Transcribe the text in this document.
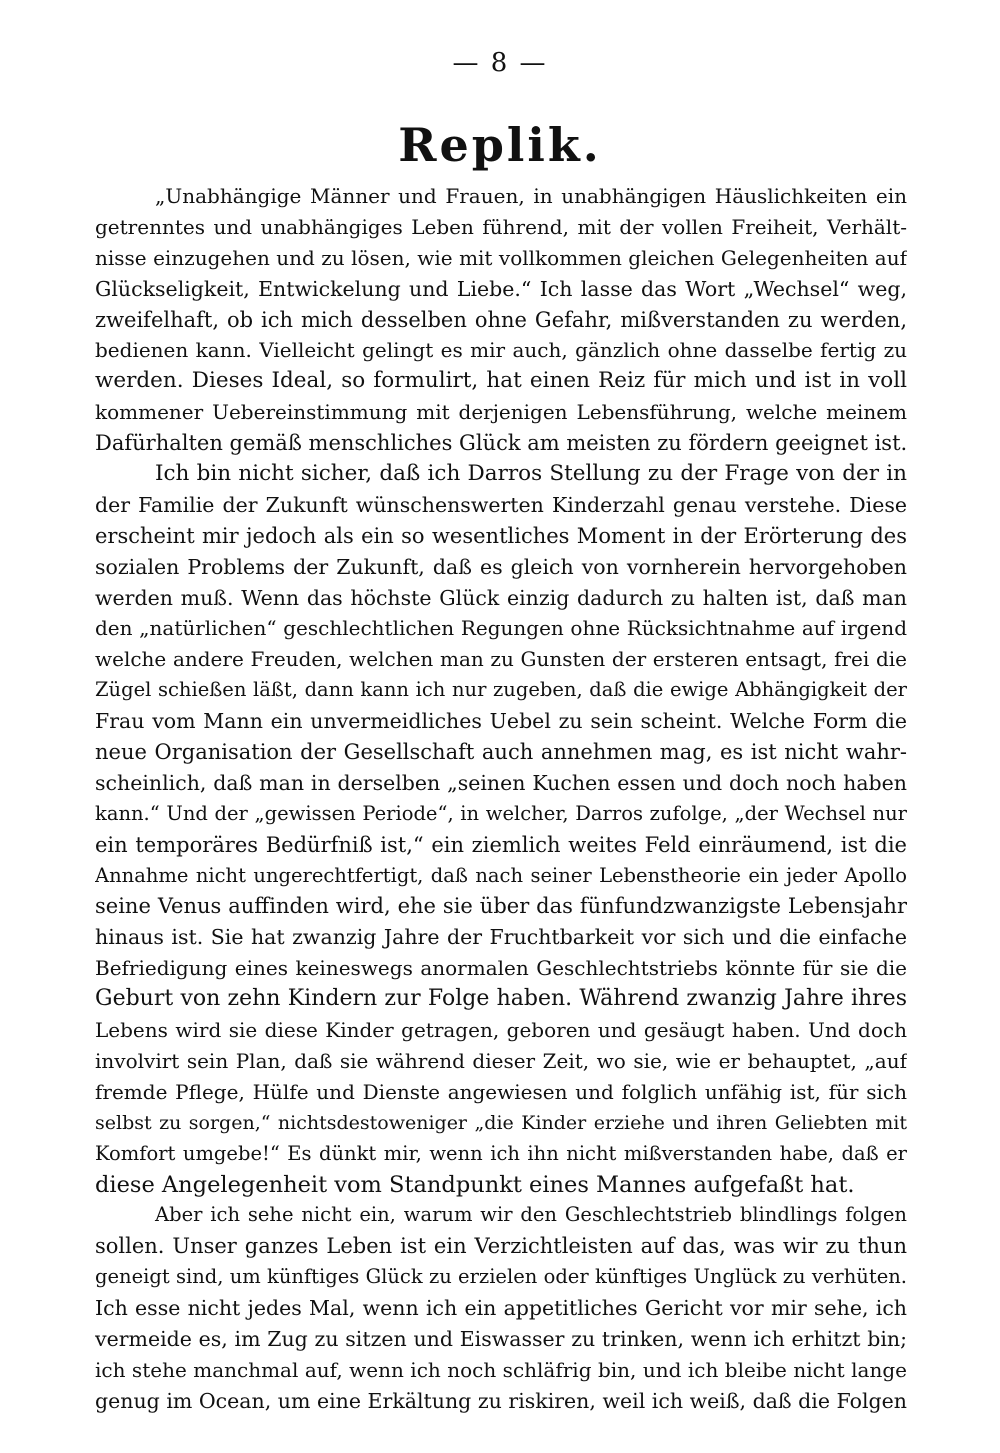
— 8 —
Replik.
„Unabhängige Männer und Frauen, in unabhängigen Häuslichkeiten ein
getrenntes und unabhängiges Leben führend, mit der vollen Freiheit, Verhält-
nisse einzugehen und zu lösen, wie mit vollkommen gleichen Gelegenheiten auf
Glückseligkeit, Entwickelung und Liebe.“ Ich lasse das Wort „Wechsel“ weg,
zweifelhaft, ob ich mich desselben ohne Gefahr, mißverstanden zu werden,
bedienen kann. Vielleicht gelingt es mir auch, gänzlich ohne dasselbe fertig zu
werden. Dieses Ideal, so formulirt, hat einen Reiz für mich und ist in voll
kommener Uebereinstimmung mit derjenigen Lebensführung, welche meinem
Dafürhalten gemäß menschliches Glück am meisten zu fördern geeignet ist.
Ich bin nicht sicher, daß ich Darros Stellung zu der Frage von der in
der Familie der Zukunft wünschenswerten Kinderzahl genau verstehe. Diese
erscheint mir jedoch als ein so wesentliches Moment in der Erörterung des
sozialen Problems der Zukunft, daß es gleich von vornherein hervorgehoben
werden muß. Wenn das höchste Glück einzig dadurch zu halten ist, daß man
den „natürlichen“ geschlechtlichen Regungen ohne Rücksichtnahme auf irgend
welche andere Freuden, welchen man zu Gunsten der ersteren entsagt, frei die
Zügel schießen läßt, dann kann ich nur zugeben, daß die ewige Abhängigkeit der
Frau vom Mann ein unvermeidliches Uebel zu sein scheint. Welche Form die
neue Organisation der Gesellschaft auch annehmen mag, es ist nicht wahr-
scheinlich, daß man in derselben „seinen Kuchen essen und doch noch haben
kann.“ Und der „gewissen Periode“, in welcher, Darros zufolge, „der Wechsel nur
ein temporäres Bedürfniß ist,“ ein ziemlich weites Feld einräumend, ist die
Annahme nicht ungerechtfertigt, daß nach seiner Lebenstheorie ein jeder Apollo
seine Venus auffinden wird, ehe sie über das fünfundzwanzigste Lebensjahr
hinaus ist. Sie hat zwanzig Jahre der Fruchtbarkeit vor sich und die einfache
Befriedigung eines keineswegs anormalen Geschlechtstriebs könnte für sie die
Geburt von zehn Kindern zur Folge haben. Während zwanzig Jahre ihres
Lebens wird sie diese Kinder getragen, geboren und gesäugt haben. Und doch
involvirt sein Plan, daß sie während dieser Zeit, wo sie, wie er behauptet, „auf
fremde Pflege, Hülfe und Dienste angewiesen und folglich unfähig ist, für sich
selbst zu sorgen,“ nichtsdestoweniger „die Kinder erziehe und ihren Geliebten mit
Komfort umgebe!“ Es dünkt mir, wenn ich ihn nicht mißverstanden habe, daß er
diese Angelegenheit vom Standpunkt eines Mannes aufgefaßt hat.
Aber ich sehe nicht ein, warum wir den Geschlechtstrieb blindlings folgen
sollen. Unser ganzes Leben ist ein Verzichtleisten auf das, was wir zu thun
geneigt sind, um künftiges Glück zu erzielen oder künftiges Unglück zu verhüten.
Ich esse nicht jedes Mal, wenn ich ein appetitliches Gericht vor mir sehe, ich
vermeide es, im Zug zu sitzen und Eiswasser zu trinken, wenn ich erhitzt bin;
ich stehe manchmal auf, wenn ich noch schläfrig bin, und ich bleibe nicht lange
genug im Ocean, um eine Erkältung zu riskiren, weil ich weiß, daß die Folgen
